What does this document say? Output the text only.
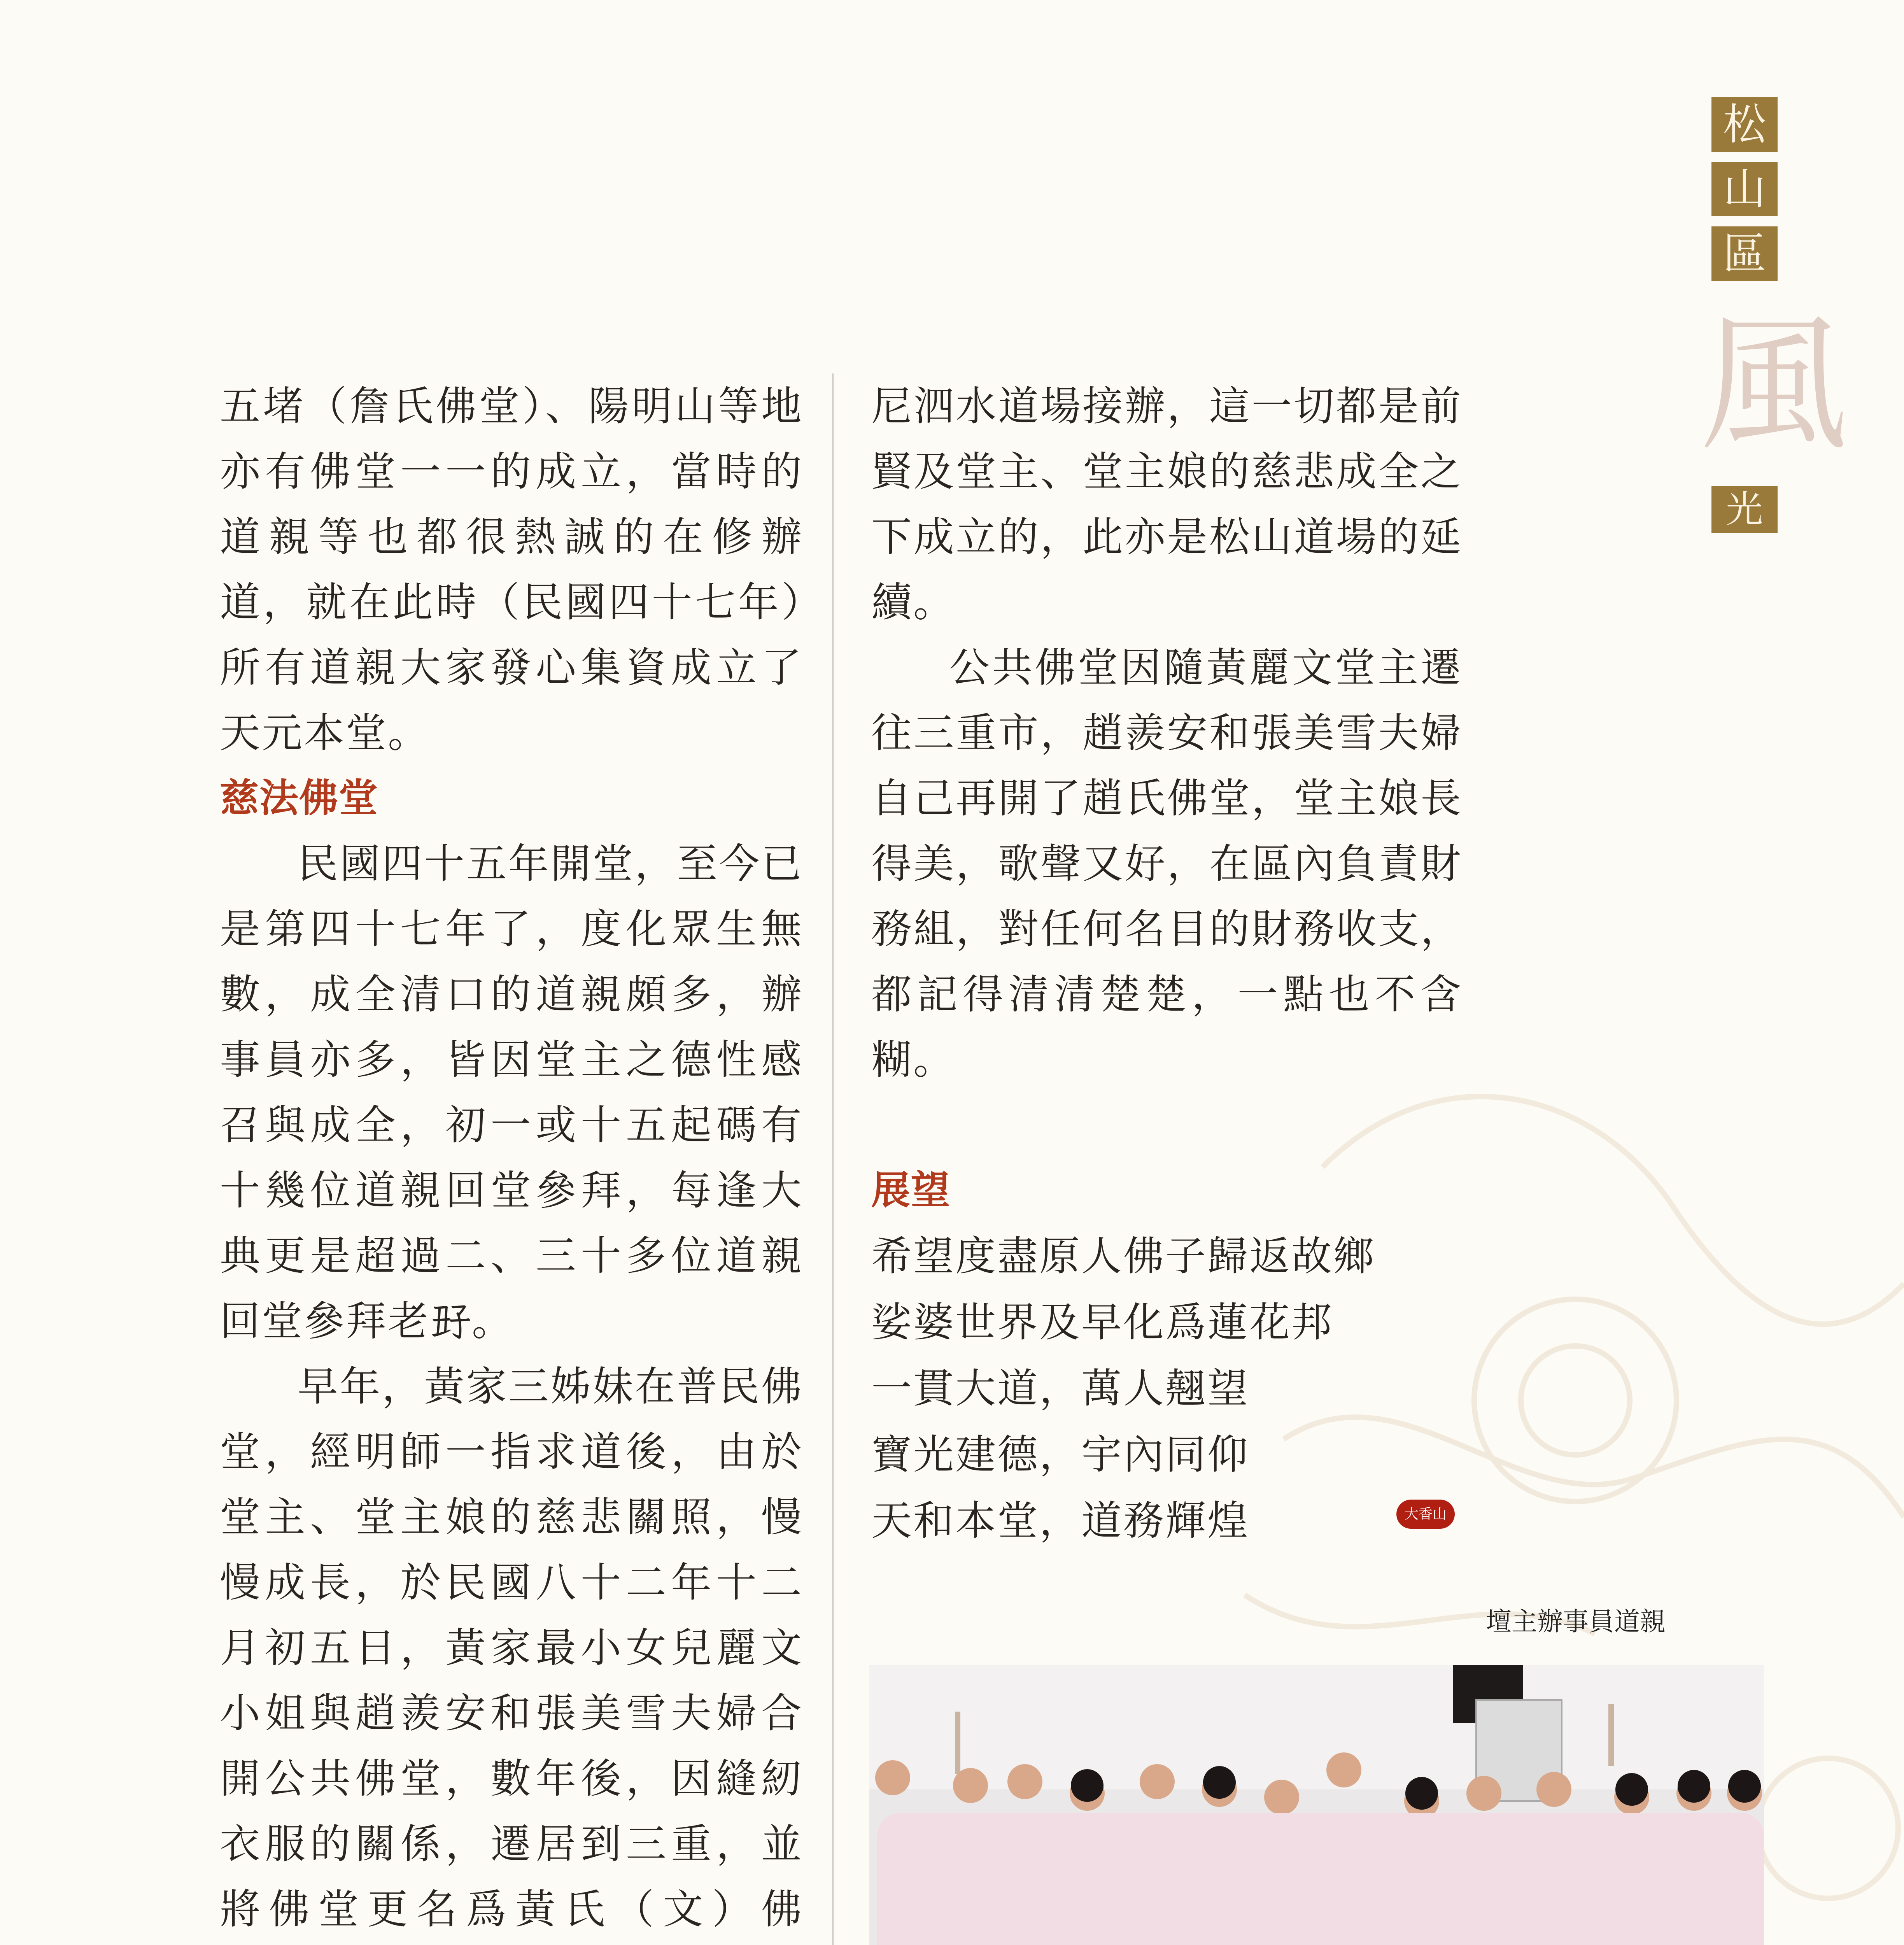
松
山
區
風
光

五堵（詹氏佛堂）、陽明山等地亦有佛堂一一的成立，當時的道親等也都很熱誠的在修辦道，就在此時（民國四十七年）所有道親大家發心集資成立了天元本堂。

慈法佛堂

民國四十五年開堂，至今已是第四十七年了，度化眾生無數，成全清口的道親頗多，辦事員亦多，皆因堂主之德性感召與成全，初一或十五起碼有十幾位道親回堂參拜，每逢大典更是超過二、三十多位道親回堂參拜老𡥆。

早年，黃家三姊妹在普民佛堂，經明師一指求道後，由於堂主、堂主娘的慈悲關照，慢慢成長，於民國八十二年十二月初五日，黃家最小女兒麗文小姐與趙羨安和張美雪夫婦合開公共佛堂，數年後，因縫紉衣服的關係，遷居到三重，並將佛堂更名爲黃氏（文）佛

尼泗水道場接辦，這一切都是前賢及堂主、堂主娘的慈悲成全之下成立的，此亦是松山道場的延續。

公共佛堂因隨黃麗文堂主遷往三重市，趙羨安和張美雪夫婦自己再開了趙氏佛堂，堂主娘長得美，歌聲又好，在區內負責財務組，對任何名目的財務收支，都記得清清楚楚，一點也不含糊。

展望

希望度盡原人佛子歸返故鄉

娑婆世界及早化爲蓮花邦

一貫大道，萬人翹望

寶光建德，宇內同仰

天和本堂，道務輝煌	大香山
壇主辦事員道親
